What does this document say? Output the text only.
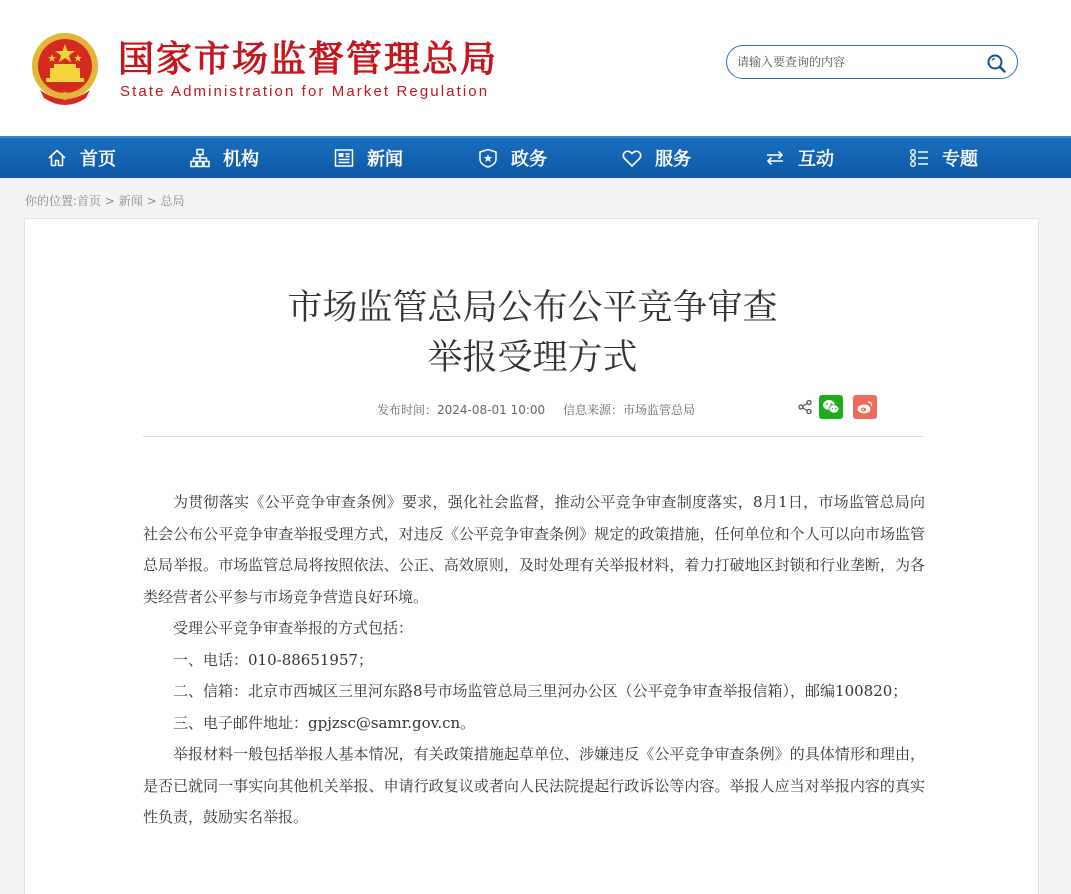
国家市场监督管理总局
State Administration for Market Regulation
请输入要查询的内容
首页	机构	新闻	政务	服务	互动	专题
你的位置:首页 > 新闻 > 总局
市场监管总局公布公平竞争审查
举报受理方式
发布时间：2024-08-01 10:00 信息来源：市场监管总局

为贯彻落实《公平竞争审查条例》要求，强化社会监督，推动公平竞争审查制度落实，8月1日，市场监管总局向社会公布公平竞争审查举报受理方式，对违反《公平竞争审查条例》规定的政策措施，任何单位和个人可以向市场监管总局举报。市场监管总局将按照依法、公正、高效原则，及时处理有关举报材料，着力打破地区封锁和行业垄断，为各类经营者公平参与市场竞争营造良好环境。

受理公平竞争审查举报的方式包括：

一、电话：010-88651957；

二、信箱：北京市西城区三里河东路8号市场监管总局三里河办公区（公平竞争审查举报信箱），邮编100820；

三、电子邮件地址：gpjzsc@samr.gov.cn。

举报材料一般包括举报人基本情况，有关政策措施起草单位、涉嫌违反《公平竞争审查条例》的具体情形和理由，是否已就同一事实向其他机关举报、申请行政复议或者向人民法院提起行政诉讼等内容。举报人应当对举报内容的真实性负责，鼓励实名举报。
